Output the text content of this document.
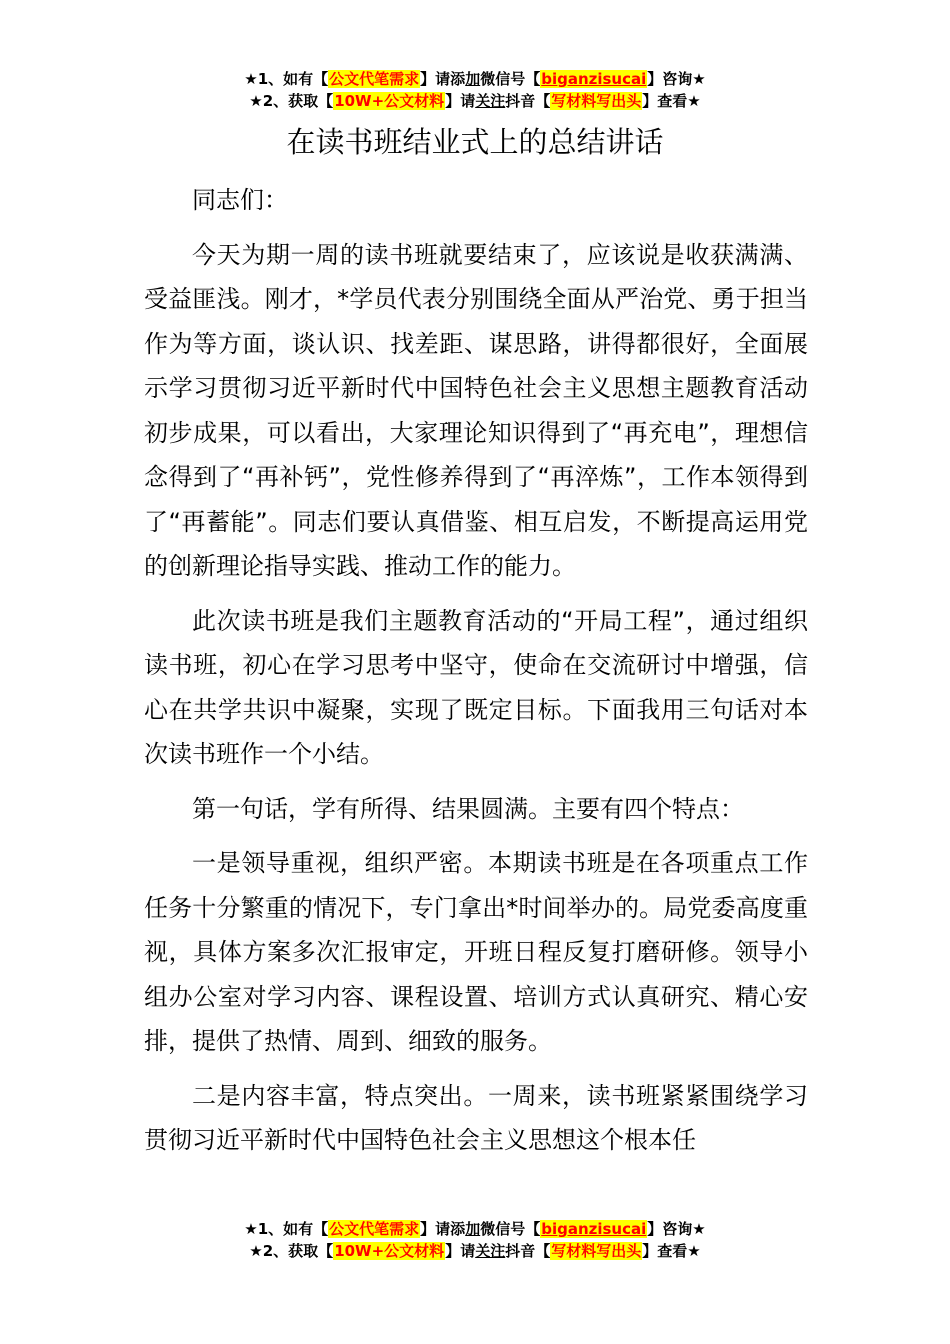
★1、如有【公文代笔需求】请添加微信号【biganzisucai】咨询★
★2、获取【10W+公文材料】请关注抖音【写材料写出头】查看★
在读书班结业式上的总结讲话

同志们：

今天为期一周的读书班就要结束了，应该说是收获满满、受益匪浅。刚才，*学员代表分别围绕全面从严治党、勇于担当作为等方面，谈认识、找差距、谋思路，讲得都很好，全面展示学习贯彻习近平新时代中国特色社会主义思想主题教育活动初步成果，可以看出，大家理论知识得到了“再充电”，理想信念得到了“再补钙”，党性修养得到了“再淬炼”，工作本领得到了“再蓄能”。同志们要认真借鉴、相互启发，不断提高运用党的创新理论指导实践、推动工作的能力。

此次读书班是我们主题教育活动的“开局工程”，通过组织读书班，初心在学习思考中坚守，使命在交流研讨中增强，信心在共学共识中凝聚，实现了既定目标。下面我用三句话对本次读书班作一个小结。

第一句话，学有所得、结果圆满。主要有四个特点：

一是领导重视，组织严密。本期读书班是在各项重点工作任务十分繁重的情况下，专门拿出*时间举办的。局党委高度重视，具体方案多次汇报审定，开班日程反复打磨研修。领导小组办公室对学习内容、课程设置、培训方式认真研究、精心安排，提供了热情、周到、细致的服务。

二是内容丰富，特点突出。一周来，读书班紧紧围绕学习贯彻习近平新时代中国特色社会主义思想这个根本任

★1、如有【公文代笔需求】请添加微信号【biganzisucai】咨询★
★2、获取【10W+公文材料】请关注抖音【写材料写出头】查看★
